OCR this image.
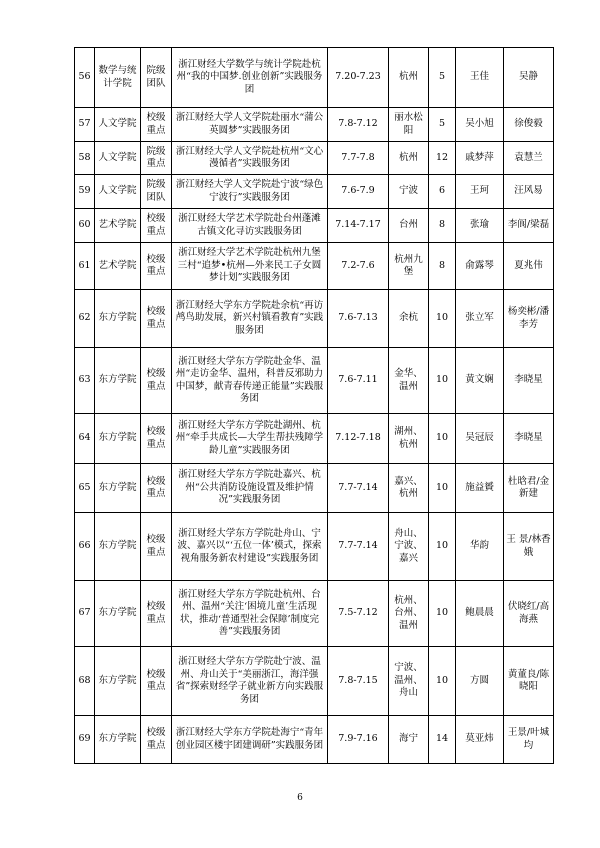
56	数学与统计学院	院级团队	浙江财经大学数学与统计学院赴杭州“我的中国梦.创业创新”实践服务团	7.20-7.23	杭州	5	王佳	吴静
57	人文学院	校级重点	浙江财经大学人文学院赴丽水“蒲公英圆梦”实践服务团	7.8-7.12	丽水松阳	5	吴小旭	徐俊毅
58	人文学院	院级重点	浙江财经大学人文学院赴杭州“文心漫循者”实践服务团	7.7-7.8	杭州	12	戚梦萍	袁慧兰
59	人文学院	院级团队	浙江财经大学人文学院赴宁波“绿色宁波行”实践服务团	7.6-7.9	宁波	6	王珂	汪风易
60	艺术学院	校级重点	浙江财经大学艺术学院赴台州蓬滩古镇文化寻访实践服务团	7.14-7.17	台州	8	张瑜	李阆/梁磊
61	艺术学院	校级重点	浙江财经大学艺术学院赴杭州九堡三村“追梦•杭州—外来民工子女圆梦计划”实践服务团	7.2-7.6	杭州九堡	8	俞露琴	夏兆伟
62	东方学院	校级重点	浙江财经大学东方学院赴余杭“再访鸬鸟助发展，新兴村镇看教育”实践服务团	7.6-7.13	余杭	10	张立军	杨奕彬/潘李芳
63	东方学院	校级重点	浙江财经大学东方学院赴金华、温州“走访金华、温州，科普反邪助力中国梦，献青春传递正能量”实践服务团	7.6-7.11	金华、温州	10	黄文娴	李晓星
64	东方学院	校级重点	浙江财经大学东方学院赴湖州、杭州“牵手共成长—大学生帮扶残障学龄儿童”实践服务团	7.12-7.18	湖州、杭州	10	吴冠辰	李晓星
65	东方学院	校级重点	浙江财经大学东方学院赴嘉兴、杭州“公共消防设施设置及维护情况”实践服务团	7.7-7.14	嘉兴、杭州	10	施益贇	杜晗君/金新建
66	东方学院	校级重点	浙江财经大学东方学院赴舟山、宁波、嘉兴以“‘五位一体’模式，探索视角服务新农村建设”实践服务团	7.7-7.14	舟山、宁波、嘉兴	10	华韵	王 景/林香娥
67	东方学院	校级重点	浙江财经大学东方学院赴杭州、台州、温州“关注‘困境儿童’生活现状，推动‘普通型社会保障’制度完善”实践服务团	7.5-7.12	杭州、台州、温州	10	鲍晨晨	伏晓红/高海燕
68	东方学院	校级重点	浙江财经大学东方学院赴宁波、温州、舟山关于“美丽浙江，海洋强省”探索财经学子就业新方向实践服务团	7.8-7.15	宁波、温州、舟山	10	方圆	黄董良/陈晓阳
69	东方学院	校级重点	浙江财经大学东方学院赴海宁“青年创业园区楼宇团建调研”实践服务团	7.9-7.16	海宁	14	莫亚炜	王景/叶城均
6
